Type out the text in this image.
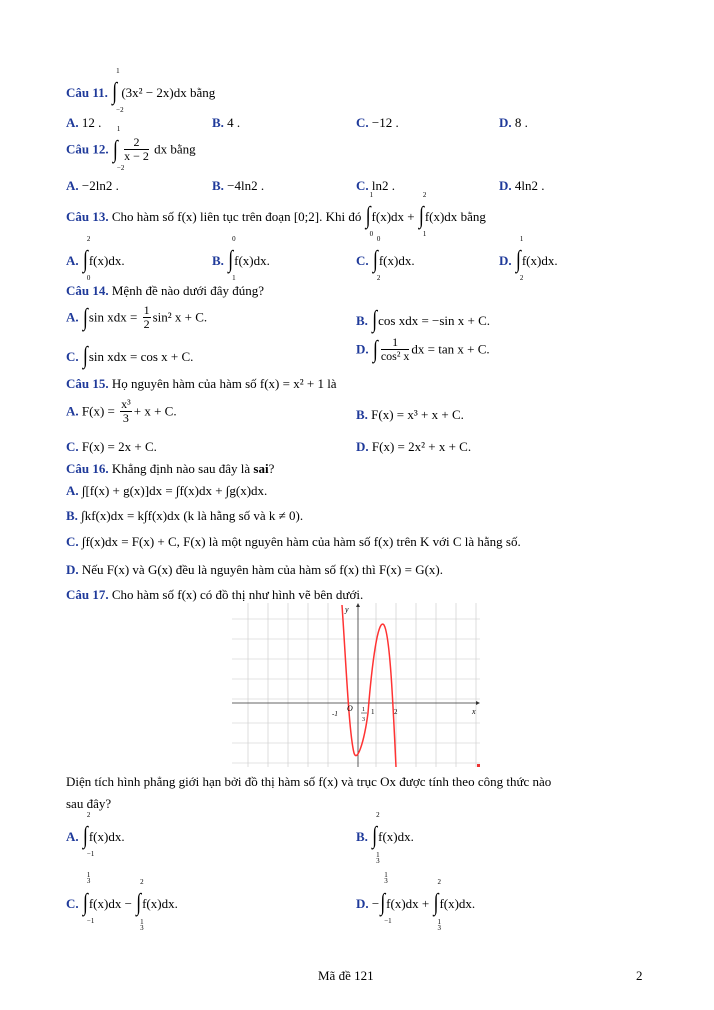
Câu 11. ∫
1
−2
(3x² − 2x)dx bằng
A. 12 .	B. 4 .	C. −12 .	D. 8 .
Câu 12. ∫
1
−2

$\frac{2}{x - 2}$ dx bằng
A. −2ln2 .	B. −4ln2 .	C. ln2 .	D. 4ln2 .
Câu 13. Cho hàm số f(x) liên tục trên đoạn [0;2]. Khi đó ∫
1
0
f(x)dx + ∫
2
1
f(x)dx bằng
A. ∫
2
0
f(x)dx.	B. ∫
0
1
f(x)dx.	C. ∫
0
2
f(x)dx.	D. ∫
1
2
f(x)dx.
Câu 14. Mệnh đề nào dưới đây đúng?
A. ∫sin xdx = $\frac{1}{2} \sin^2$ x + C.	B. ∫cos xdx = −sin x + C.
C. ∫sin xdx = cos x + C.	D. ∫ $\frac{1}{\text{cos² x}}$ dx = tan x + C.
Câu 15. Họ nguyên hàm của hàm số f(x) = x² + 1 là
A. $F(x) = \frac{\text{x³}}{3} + x + C$.	B. F(x) = x³ + x + C.
C. F(x) = 2x + C.	D. F(x) = 2x² + x + C.
Câu 16. Khẳng định nào sau đây là sai?
A. ∫[f(x) + g(x)]dx = ∫f(x)dx + ∫g(x)dx.
B. ∫kf(x)dx = k∫f(x)dx (k là hằng số và k ≠ 0).
C. ∫f(x)dx = F(x) + C, F(x) là một nguyên hàm của hàm số f(x) trên K với C là hằng số.
D. Nếu F(x) và G(x) đều là nguyên hàm của hàm số f(x) thì F(x) = G(x).
Câu 17. Cho hàm số f(x) có đồ thị như hình vẽ bên dưới.
y
x
O
-1	1	2
1
3
Diện tích hình phẳng giới hạn bởi đồ thị hàm số f(x) và trục Ox được tính theo công thức nào
sau đây?
A. ∫
2
−1
f(x)dx.	B. ∫
2
1
3
f(x)dx.
C. ∫
1
3
−1
f(x)dx − ∫
2
1
3
f(x)dx.	D. −∫
1
3
−1
f(x)dx + ∫
2
1
3
f(x)dx.
Mã đề 121	2
